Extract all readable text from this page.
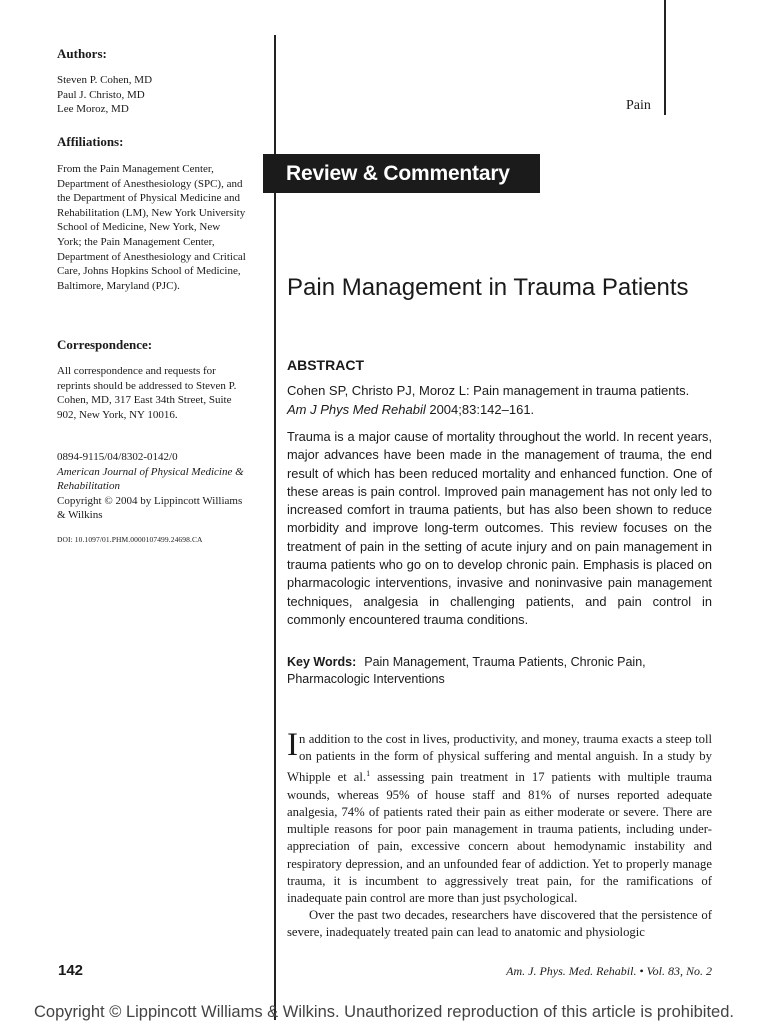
Authors:

Steven P. Cohen, MD
Paul J. Christo, MD
Lee Moroz, MD

Affiliations:

From the Pain Management Center, Department of Anesthesiology (SPC), and the Department of Physical Medicine and Rehabilitation (LM), New York University School of Medicine, New York, New York; the Pain Management Center, Department of Anesthesiology and Critical Care, Johns Hopkins School of Medicine, Baltimore, Maryland (PJC).

Correspondence:

All correspondence and requests for reprints should be addressed to Steven P. Cohen, MD, 317 East 34th Street, Suite 902, New York, NY 10016.

0894-9115/04/8302-0142/0
American Journal of Physical Medicine & Rehabilitation
Copyright © 2004 by Lippincott Williams & Wilkins
DOI: 10.1097/01.PHM.0000107499.24698.CA
Pain
Review & Commentary
Pain Management in Trauma Patients
ABSTRACT
Cohen SP, Christo PJ, Moroz L: Pain management in trauma patients.
Am J Phys Med Rehabil 2004;83:142–161.

Trauma is a major cause of mortality throughout the world. In recent years, major advances have been made in the management of trauma, the end result of which has been reduced mortality and enhanced function. One of these areas is pain control. Improved pain management has not only led to increased comfort in trauma patients, but has also been shown to reduce morbidity and improve long-term outcomes. This review focuses on the treatment of pain in the setting of acute injury and on pain management in trauma patients who go on to develop chronic pain. Emphasis is placed on pharmacologic interventions, invasive and noninvasive pain management techniques, analgesia in challenging patients, and pain control in commonly encountered trauma conditions.

Key Words: Pain Management, Trauma Patients, Chronic Pain, Pharmacologic Interventions

In addition to the cost in lives, productivity, and money, trauma exacts a steep toll on patients in the form of physical suffering and mental anguish. In a study by Whipple et al.$^1$ assessing pain treatment in 17 patients with multiple trauma wounds, whereas 95% of house staff and 81% of nurses reported adequate analgesia, 74% of patients rated their pain as either moderate or severe. There are multiple reasons for poor pain management in trauma patients, including under-appreciation of pain, excessive concern about hemodynamic instability and respiratory depression, and an unfounded fear of addiction. Yet to properly manage trauma, it is incumbent to aggressively treat pain, for the ramifications of inadequate pain control are more than just psychological.

Over the past two decades, researchers have discovered that the persistence of severe, inadequately treated pain can lead to anatomic and physiologic

142	Am. J. Phys. Med. Rehabil. • Vol. 83, No. 2
Copyright © Lippincott Williams & Wilkins. Unauthorized reproduction of this article is prohibited.
